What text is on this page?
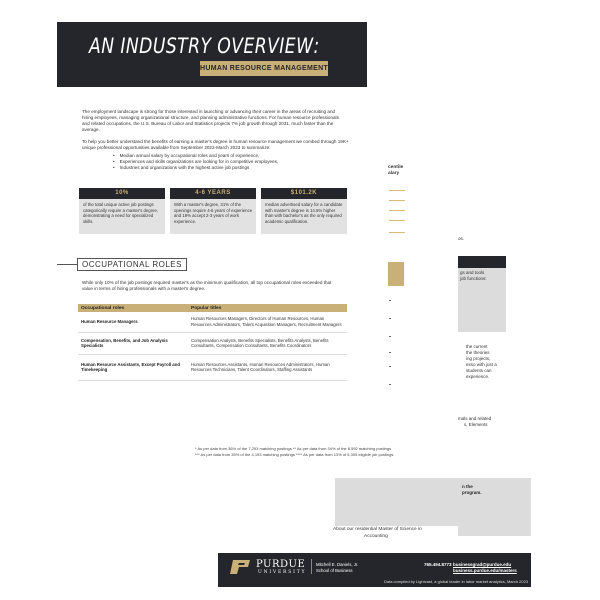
centile
alary
os.
gs and tools
job functions:
the current
the theories
ing projects,
esso with just a
students can
experience.
mals and related
s, Elements
* As per data from 36% of the 7,253 matching postings ** As per data from 34% of the 8,592 matching postings
*** As per data from 35% of the 4,193 matching postings **** As per data from 13% of 5,395 eligible job postings
n the
program.
About our residential Master of Science in
Accounting
PURDUE
UNIVERSITY
Mitchell E. Daniels, Jr.
School of Business
765.494.8773 businessgrad@purdue.edu
business.purdue.edu/masters
Data compiled by Lightcast, a global leader in labor market analytics, March 2023
AN INDUSTRY OVERVIEW:
HUMAN RESOURCE MANAGEMENT
The employment landscape is strong for those interested in launching or advancing their career in the areas of recruiting and hiring employees, managing organizational structure, and planning administrative functions. For human resource professionals and related occupations, the U.S. Bureau of Labor and Statistics projects 7% job growth through 2031, much faster than the average.
To help you better understand the benefits of earning a master's degree in human resource management we combed through 19K+ unique professional opportunities available from September 2022-March 2023 to summarize:
• Median annual salary by occupational roles and years of experience,
• Experiences and skills organizations are looking for in competitive employees,
• Industries and organizations with the highest active job postings
10%
of the total unique active job postings categorically require a master's degree, demonstrating a need for specialized skills.
4-6 YEARS
With a master's degree, 31% of the openings require 4-6 years of experience and 19% accept 2-3 years of work experience.
$101.2K
median advertised salary for a candidate with master's degree is 14.6% higher than with bachelor's as the only required academic qualification.
OCCUPATIONAL ROLES
While only 10% of the job postings required master's as the minimum qualification, all top occupational roles exceeded that value in terms of hiring professionals with a master's degree.
Occupational roles	Popular titles
Human Resource Managers	Human Resources Managers, Directors of Human Resources, Human Resources Administrators, Talent Acquisition Managers, Recruitment Managers
Compensation, Benefits, and Job Analysis Specialists	Compensation Analysts, Benefits Specialists, Benefits Analysts, Benefits Consultants, Compensation Consultants, Benefits Coordinators
Human Resource Assistants, Except Payroll and Timekeeping	Human Resources Assistants, Human Resources Administrators, Human Resources Technicians, Talent Coordinators, Staffing Assistants
